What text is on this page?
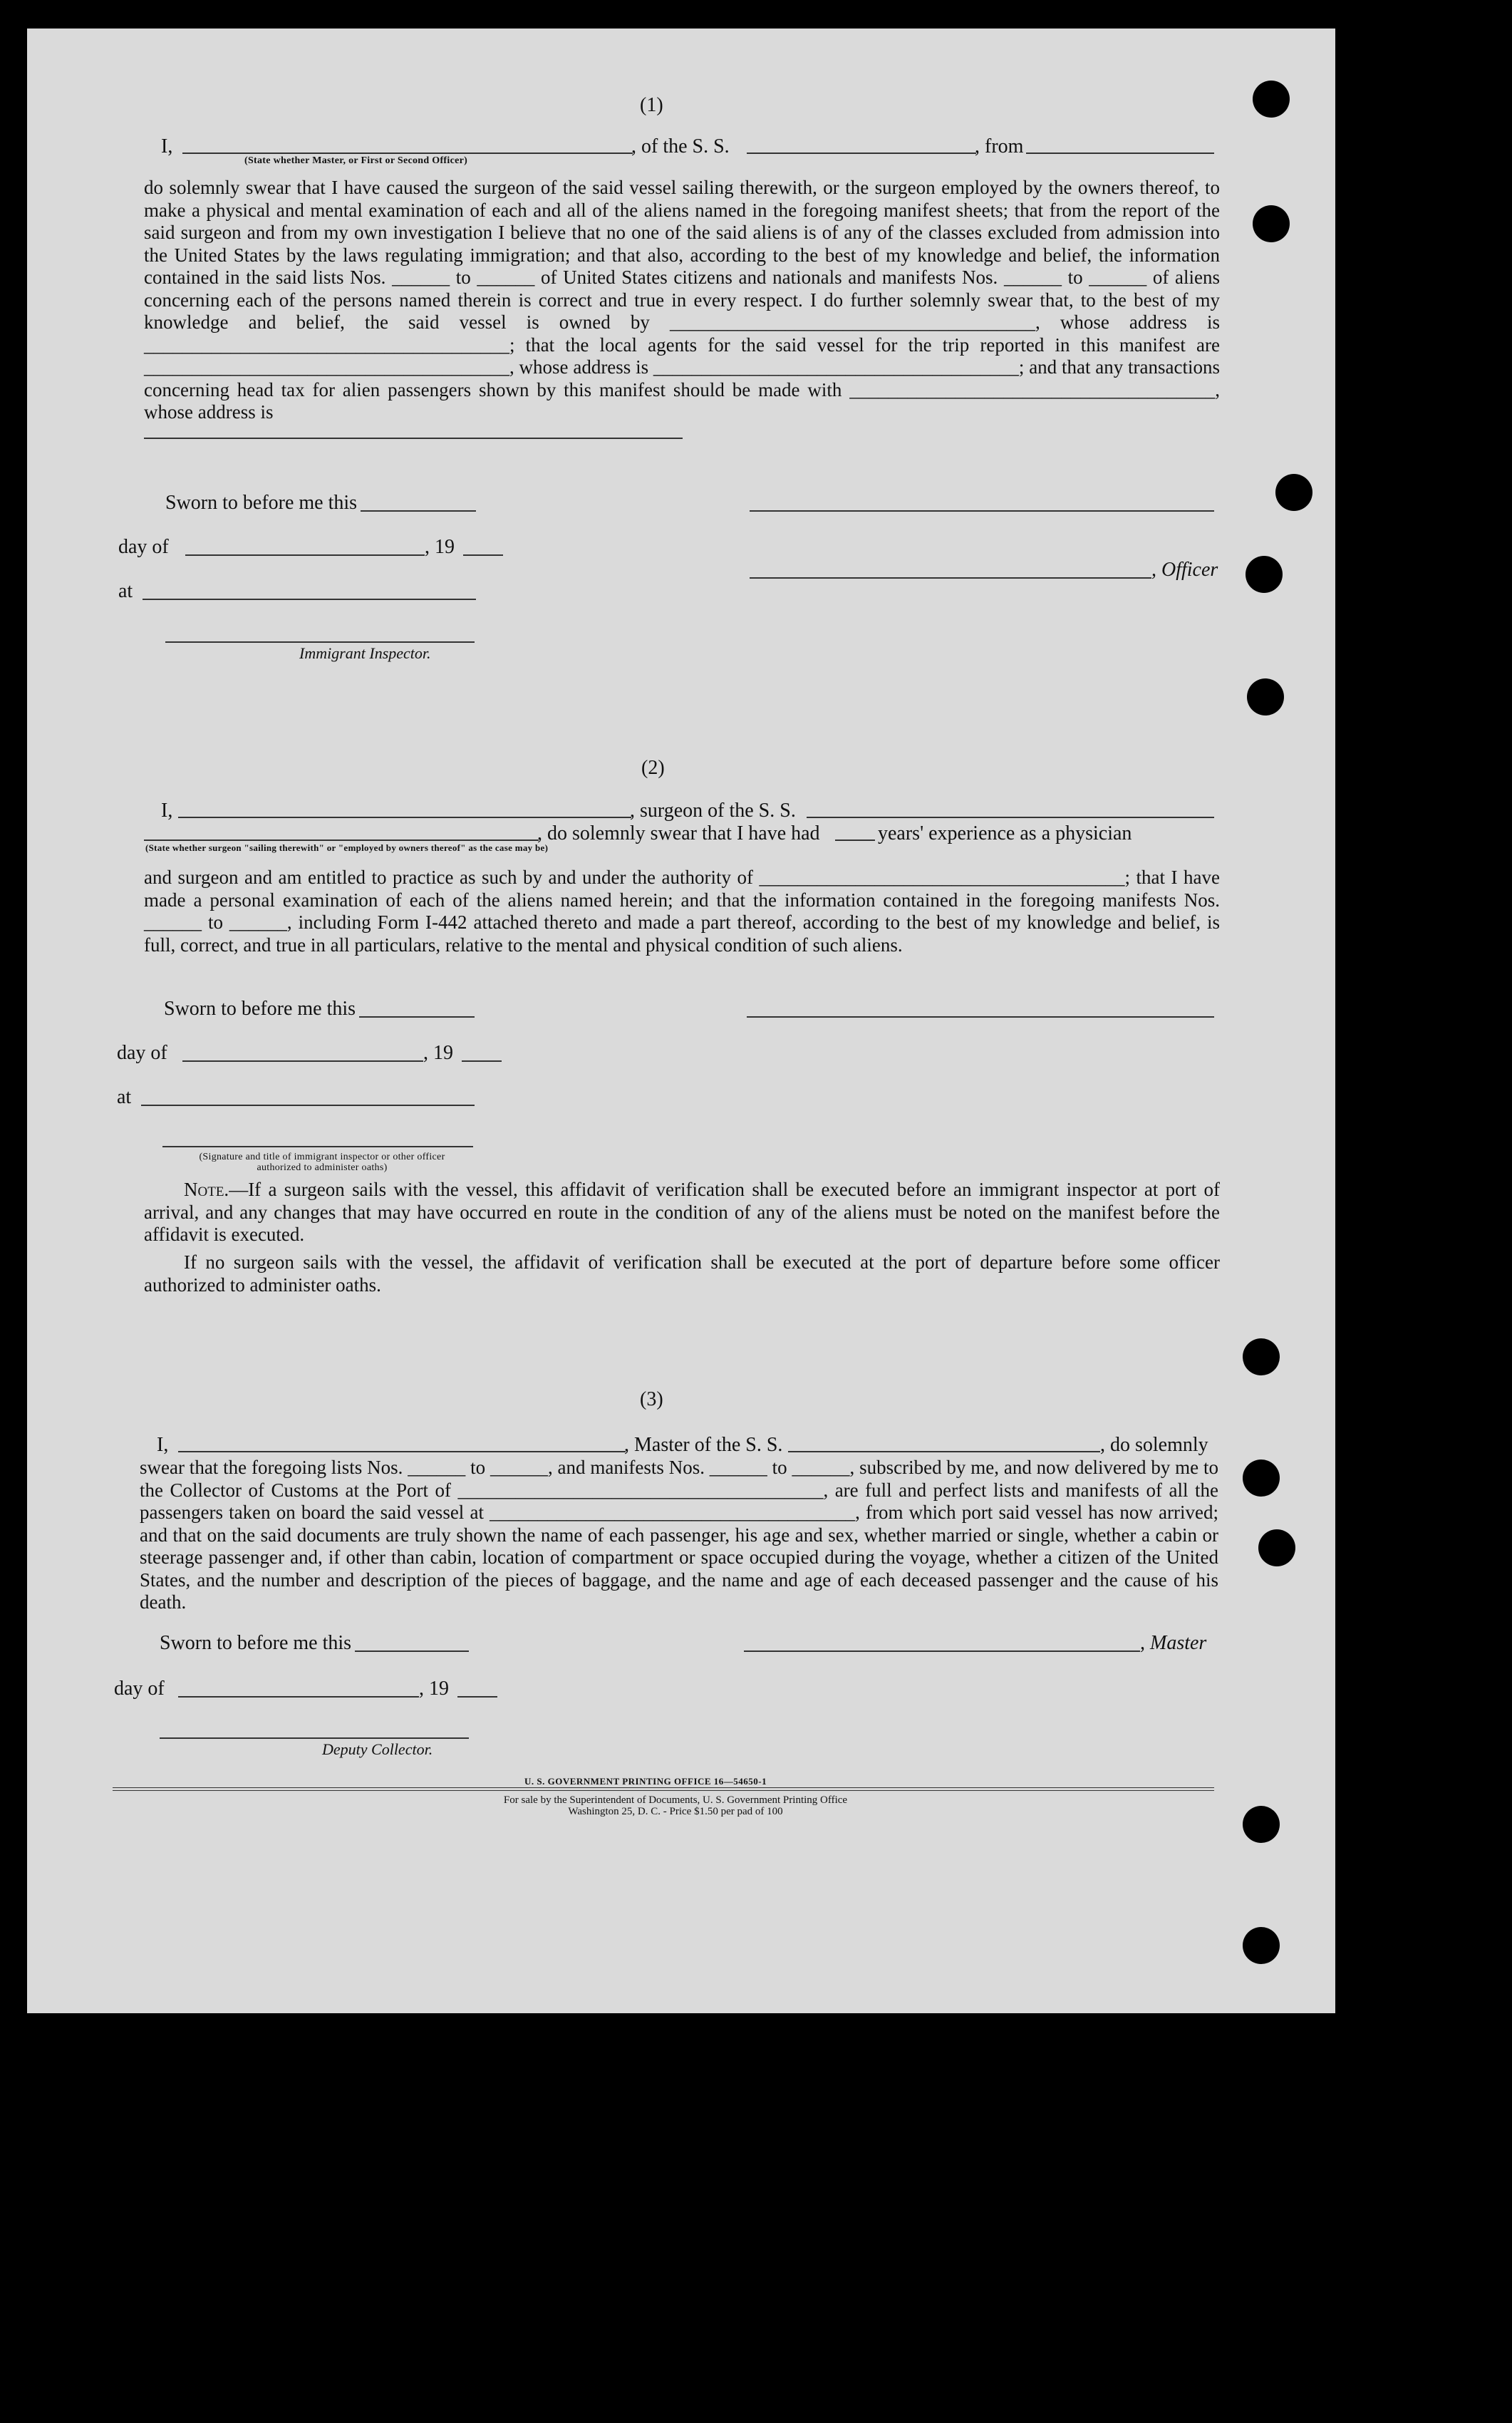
(1)
I,	, of the S. S.	, from
(State whether Master, or First or Second Officer)
do solemnly swear that I have caused the surgeon of the said vessel sailing therewith, or the surgeon employed by the owners thereof, to make a physical and mental examination of each and all of the aliens named in the foregoing manifest sheets; that from the report of the said surgeon and from my own investigation I believe that no one of the said aliens is of any of the classes excluded from admission into the United States by the laws regulating immigration; and that also, according to the best of my knowledge and belief, the information contained in the said lists Nos. ______ to ______ of United States citizens and nationals and manifests Nos. ______ to ______ of aliens concerning each of the persons named therein is correct and true in every respect. I do further solemnly swear that, to the best of my knowledge and belief, the said vessel is owned by ______________________________________, whose address is ______________________________________; that the local agents for the said vessel for the trip reported in this manifest are ______________________________________, whose address is ______________________________________; and that any transactions concerning head tax for alien passengers shown by this manifest should be made with ______________________________________, whose address is
Sworn to before me this
day of	, 19
at
Immigrant Inspector.
, Officer
(2)
I,	, surgeon of the S. S.
, do solemnly swear that I have had	years' experience as a physician
(State whether surgeon "sailing therewith" or "employed by owners thereof" as the case may be)
and surgeon and am entitled to practice as such by and under the authority of ______________________________________; that I have made a personal examination of each of the aliens named herein; and that the information contained in the foregoing manifests Nos. ______ to ______, including Form I-442 attached thereto and made a part thereof, according to the best of my knowledge and belief, is full, correct, and true in all particulars, relative to the mental and physical condition of such aliens.
Sworn to before me this
day of	, 19
at
(Signature and title of immigrant inspector or other officer authorized to administer oaths)
Note.—If a surgeon sails with the vessel, this affidavit of verification shall be executed before an immigrant inspector at port of arrival, and any changes that may have occurred en route in the condition of any of the aliens must be noted on the manifest before the affidavit is executed.
If no surgeon sails with the vessel, the affidavit of verification shall be executed at the port of departure before some officer authorized to administer oaths.
(3)
I,	, Master of the S. S.	, do solemnly
swear that the foregoing lists Nos. ______ to ______, and manifests Nos. ______ to ______, subscribed by me, and now delivered by me to the Collector of Customs at the Port of ______________________________________, are full and perfect lists and manifests of all the passengers taken on board the said vessel at ______________________________________, from which port said vessel has now arrived; and that on the said documents are truly shown the name of each passenger, his age and sex, whether married or single, whether a cabin or steerage passenger and, if other than cabin, location of compartment or space occupied during the voyage, whether a citizen of the United States, and the number and description of the pieces of baggage, and the name and age of each deceased passenger and the cause of his death.
Sworn to before me this
day of	, 19
Deputy Collector.
, Master
U. S. GOVERNMENT PRINTING OFFICE 16—54650-1
For sale by the Superintendent of Documents, U. S. Government Printing Office
Washington 25, D. C. - Price $1.50 per pad of 100
